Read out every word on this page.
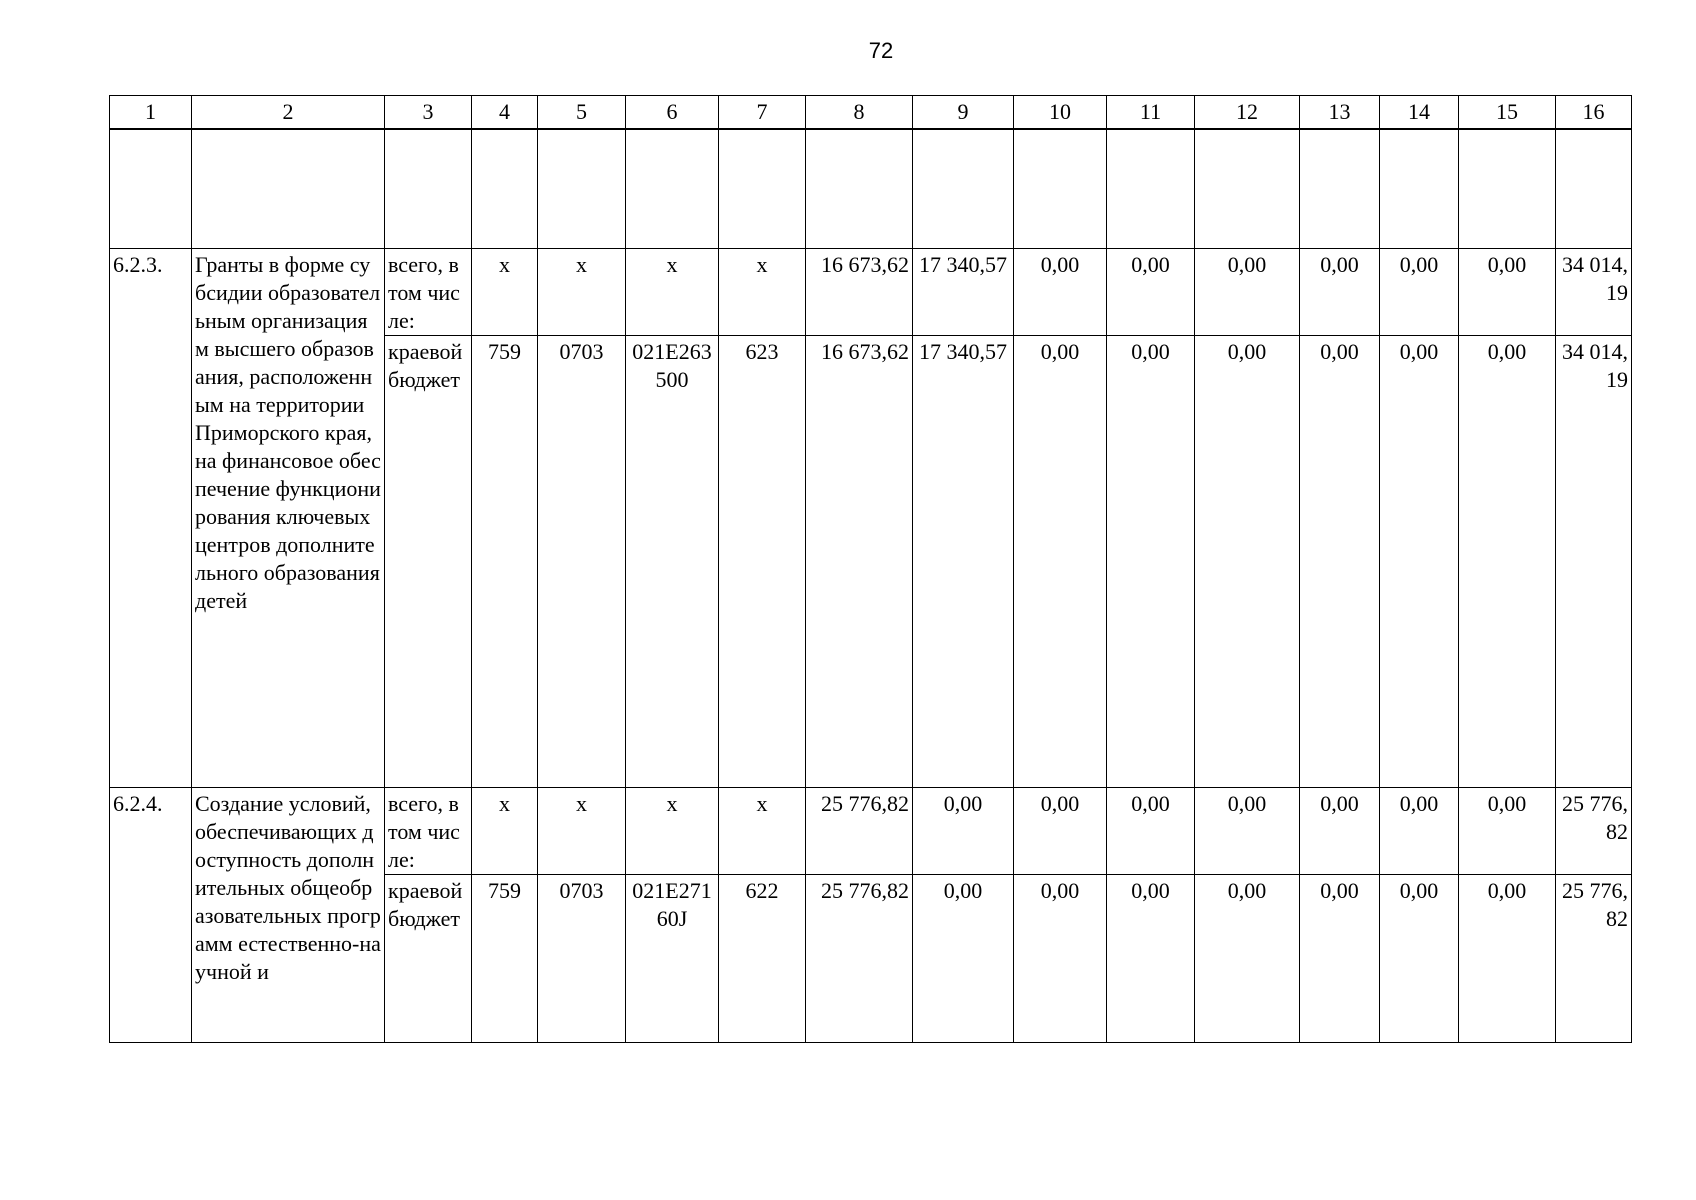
72
1	2	3	4	5	6	7	8	9	10	11	12	13	14	15	16

6.2.3.	Гранты в форме субсидии образовательным организациям высшего образования, расположенным на территории Приморского края, на финансовое обеспечение функционирования ключевых центров дополнительного образования детей	всего, в том числе:	x	x	x	x	16 673,62	17 340,57	0,00	0,00	0,00	0,00	0,00	0,00	34 014,19
		краевой бюджет	759	0703	021E263500	623	16 673,62	17 340,57	0,00	0,00	0,00	0,00	0,00	0,00	34 014,19
6.2.4.	Создание условий, обеспечивающих доступность дополнительных общеобразовательных программ естественно-научной и	всего, в том числе:	x	x	x	x	25 776,82	0,00	0,00	0,00	0,00	0,00	0,00	0,00	25 776,82
		краевой бюджет	759	0703	021E27160J	622	25 776,82	0,00	0,00	0,00	0,00	0,00	0,00	0,00	25 776,82
